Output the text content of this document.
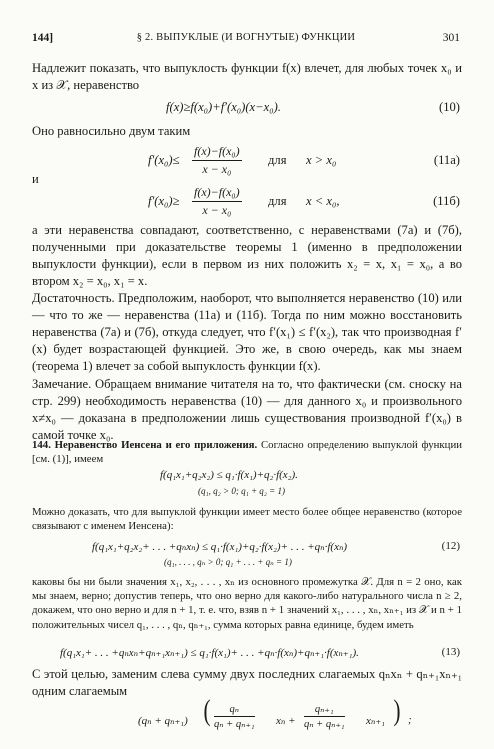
144]	§ 2. ВЫПУКЛЫЕ (И ВОГНУТЫЕ) ФУНКЦИИ	301
Надлежит показать, что выпуклость функции f(x) влечет, для любых точек x₀ и x из 𝒳, неравенство
f(x)≥f(x₀)+f′(x₀)(x−x₀).	(10)
Оно равносильно двум таким
$f'(x_0)\le \frac{\text{f(x)−f(x₀)}}{\text{x − x₀}}$ для x > x₀	(11a)
и
$f'(x_0)\ge \frac{\text{f(x)−f(x₀)}}{\text{x − x₀}}$ для x < x₀,	(11б)
а эти неравенства совпадают, соответственно, с неравенствами (7а) и (7б), полученными при доказательстве теоремы 1 (именно в предположении выпуклости функции), если в первом из них положить x₂ = x, x₁ = x₀, а во втором x₂ = x₀, x₁ = x.
Достаточность. Предположим, наоборот, что выполняется неравенство (10) или — что то же — неравенства (11а) и (11б). Тогда по ним можно восстановить неравенства (7а) и (7б), откуда следует, что f′(x₁) ≤ f′(x₂), так что производная f′(x) будет возрастающей функцией. Это же, в свою очередь, как мы знаем (теорема 1) влечет за собой выпуклость функции f(x).
Замечание. Обращаем внимание читателя на то, что фактически (см. сноску на стр. 299) необходимость неравенства (10) — для данного x₀ и произвольного x≠x₀ — доказана в предположении лишь существования производной f′(x₀) в самой точке x₀.
144. Неравенство Иенсена и его приложения. Согласно определению выпуклой функции [см. (1)], имеем
f(q₁x₁+q₂x₂) ≤ q₁·f(x₁)+q₂·f(x₂).
(q₁, q₂ > 0; q₁ + q₂ = 1)
Можно доказать, что для выпуклой функции имеет место более общее неравенство (которое связывают с именем Иенсена):
f(q₁x₁+q₂x₂+ . . . +qₙxₙ) ≤ q₁·f(x₁)+q₂·f(x₂)+ . . . +qₙ·f(xₙ)	(12)
(q₁, . . . , qₙ > 0; q₁ + . . . + qₙ = 1)
каковы бы ни были значения x₁, x₂, . . . , xₙ из основного промежутка 𝒳. Для n = 2 оно, как мы знаем, верно; допустив теперь, что оно верно для какого-либо натурального числа n ≥ 2, докажем, что оно верно и для n + 1, т. е. что, взяв n + 1 значений x₁, . . . , xₙ, xₙ₊₁ из 𝒳 и n + 1 положительных чисел q₁, . . . , qₙ, qₙ₊₁, сумма которых равна единице, будем иметь
f(q₁x₁+ . . . +qₙxₙ+qₙ₊₁xₙ₊₁) ≤ q₁·f(x₁)+ . . . +qₙ·f(xₙ)+qₙ₊₁·f(xₙ₊₁).	(13)
С этой целью, заменим слева сумму двух последних слагаемых qₙxₙ + qₙ₊₁xₙ₊₁ одним слагаемым
(qₙ + qₙ₊₁) ( $\frac{\text{qₙ}}{\text{qₙ + qₙ₊₁}}$ $x_n + \frac{\text{qₙ₊₁}}{\text{qₙ + qₙ₊₁}} x_{n+1}$ ) ;
